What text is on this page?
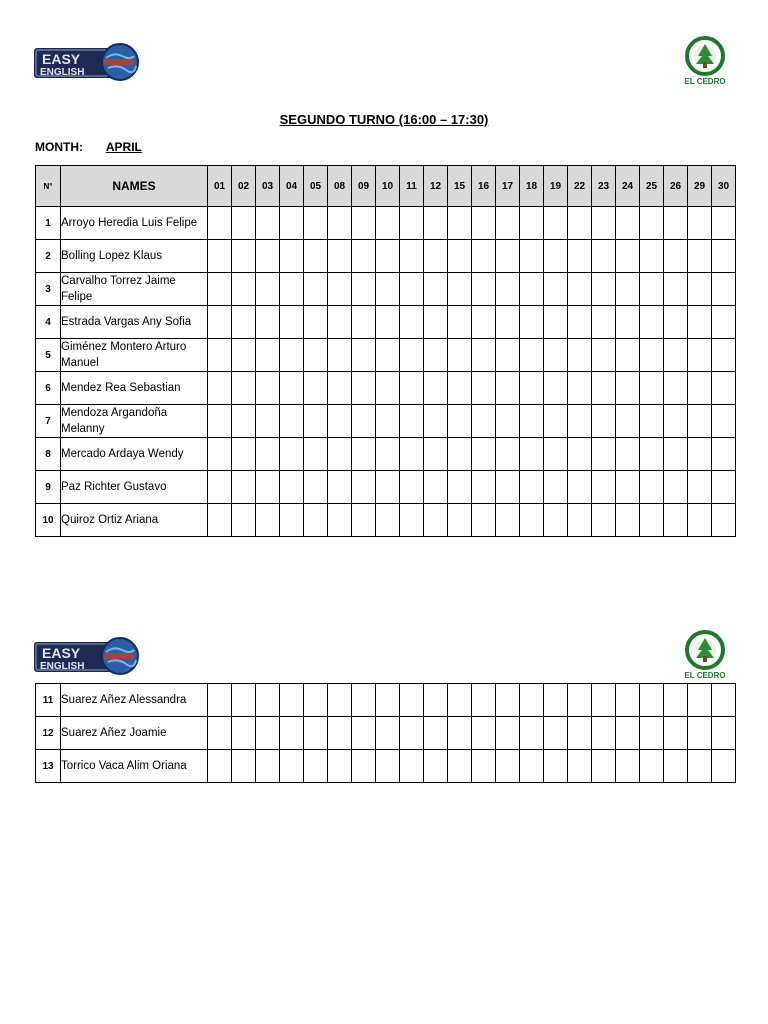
EASY
ENGLISH
EL CEDRO
SEGUNDO TURNO (16:00 – 17:30)
MONTH: APRIL
N°	NAMES	01	02	03	04	05	08	09	10	11	12	15	16	17	18	19	22	23	24	25	26	29	30
1	Arroyo Heredia Luis Felipe																						
2	Bolling Lopez Klaus																						
3	Carvalho Torrez Jaime Felipe																						
4	Estrada Vargas Any Sofia																						
5	Giménez Montero Arturo Manuel																						
6	Mendez Rea Sebastian																						
7	Mendoza Argandoña Melanny																						
8	Mercado Ardaya Wendy																						
9	Paz Richter Gustavo																						
10	Quiroz Ortiz Ariana																						
EASY
ENGLISH
EL CEDRO
11	Suarez Añez Alessandra																						
12	Suarez Añez Joamie																						
13	Torrico Vaca Alim Oriana																						
